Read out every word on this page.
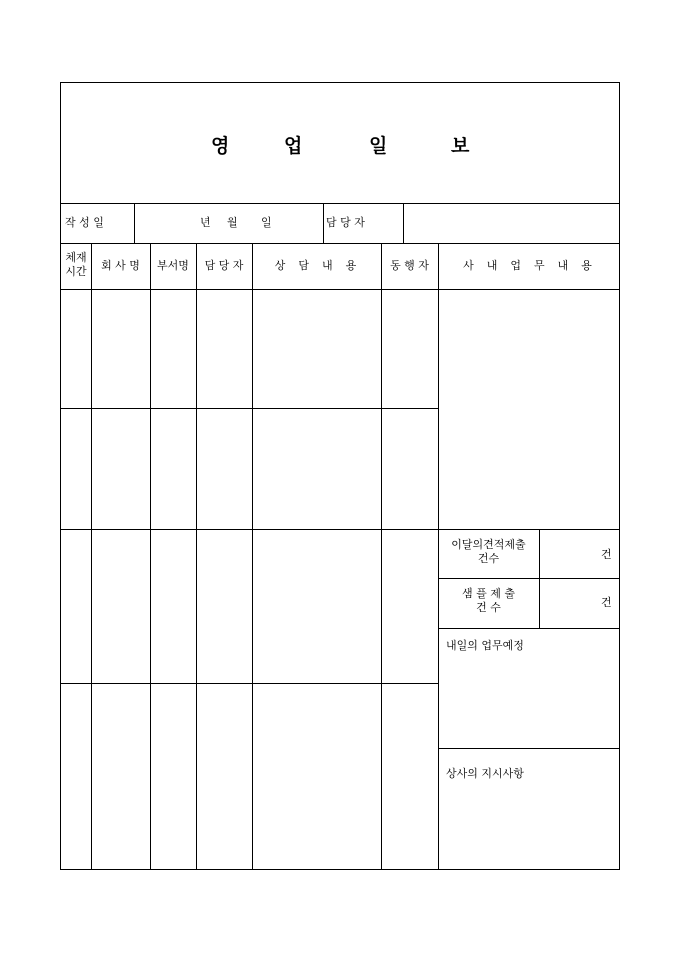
영	업	일	보
작 성 일	년 월 일	담 당 자
체재
시간	회 사 명	부서명	담 당 자	상  담  내  용	동 행 자	사  내  업  무  내  용
이달의견적제출
건수	건
샘 플 제 출
건 수	건
내일의 업무예정
상사의 지시사항
